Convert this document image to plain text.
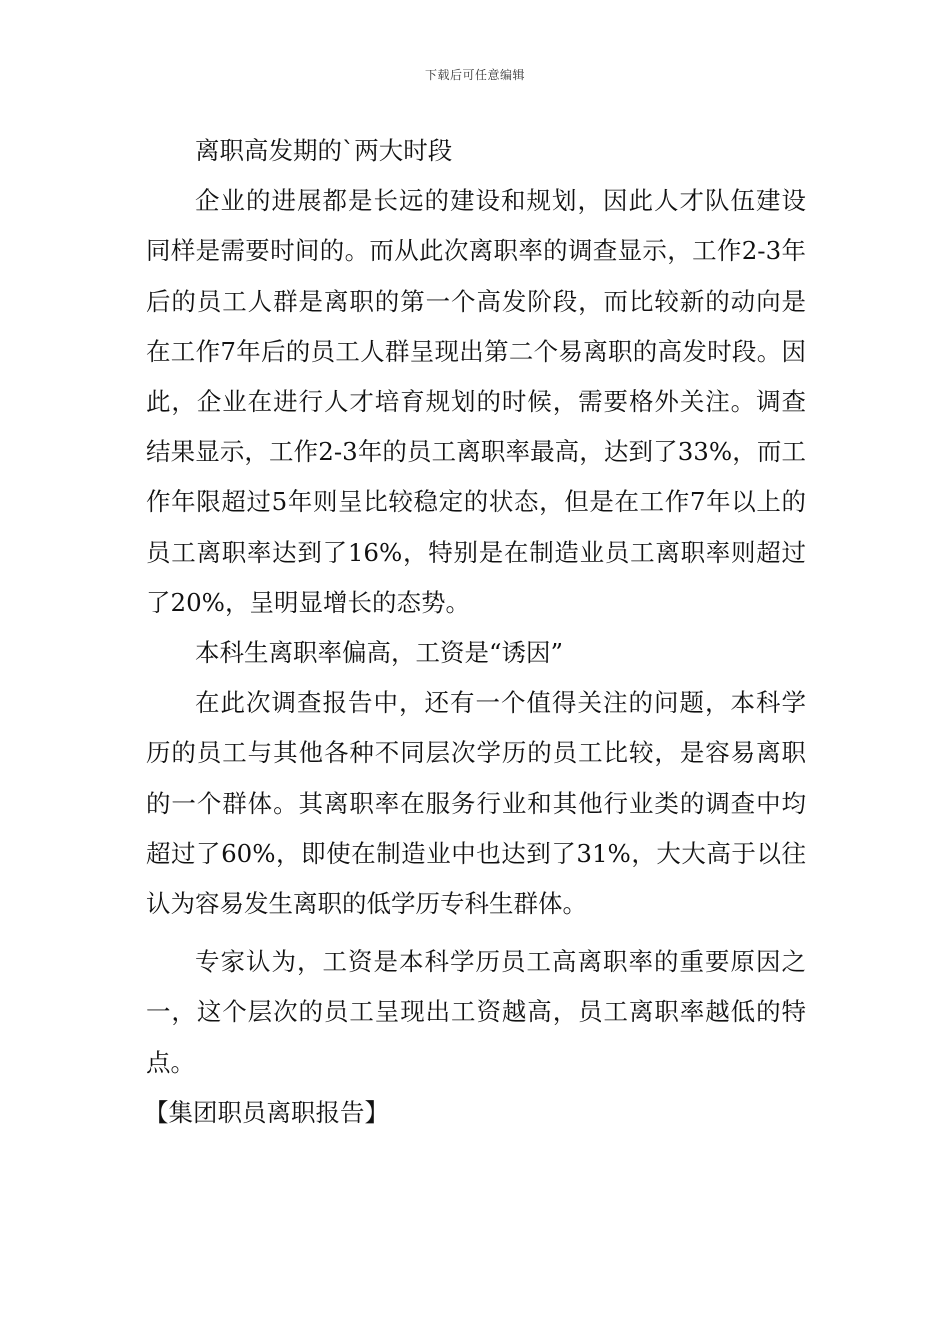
下载后可任意编辑

离职高发期的`两大时段

企业的进展都是长远的建设和规划，因此人才队伍建设同样是需要时间的。而从此次离职率的调查显示，工作2-3年后的员工人群是离职的第一个高发阶段，而比较新的动向是在工作7年后的员工人群呈现出第二个易离职的高发时段。因此，企业在进行人才培育规划的时候，需要格外关注。调查结果显示，工作2-3年的员工离职率最高，达到了33%，而工作年限超过5年则呈比较稳定的状态，但是在工作7年以上的员工离职率达到了16%，特别是在制造业员工离职率则超过了20%，呈明显增长的态势。

本科生离职率偏高，工资是“诱因”

在此次调查报告中，还有一个值得关注的问题，本科学历的员工与其他各种不同层次学历的员工比较，是容易离职的一个群体。其离职率在服务行业和其他行业类的调查中均超过了60%，即使在制造业中也达到了31%，大大高于以往认为容易发生离职的低学历专科生群体。

专家认为，工资是本科学历员工高离职率的重要原因之一，这个层次的员工呈现出工资越高，员工离职率越低的特点。

【集团职员离职报告】
